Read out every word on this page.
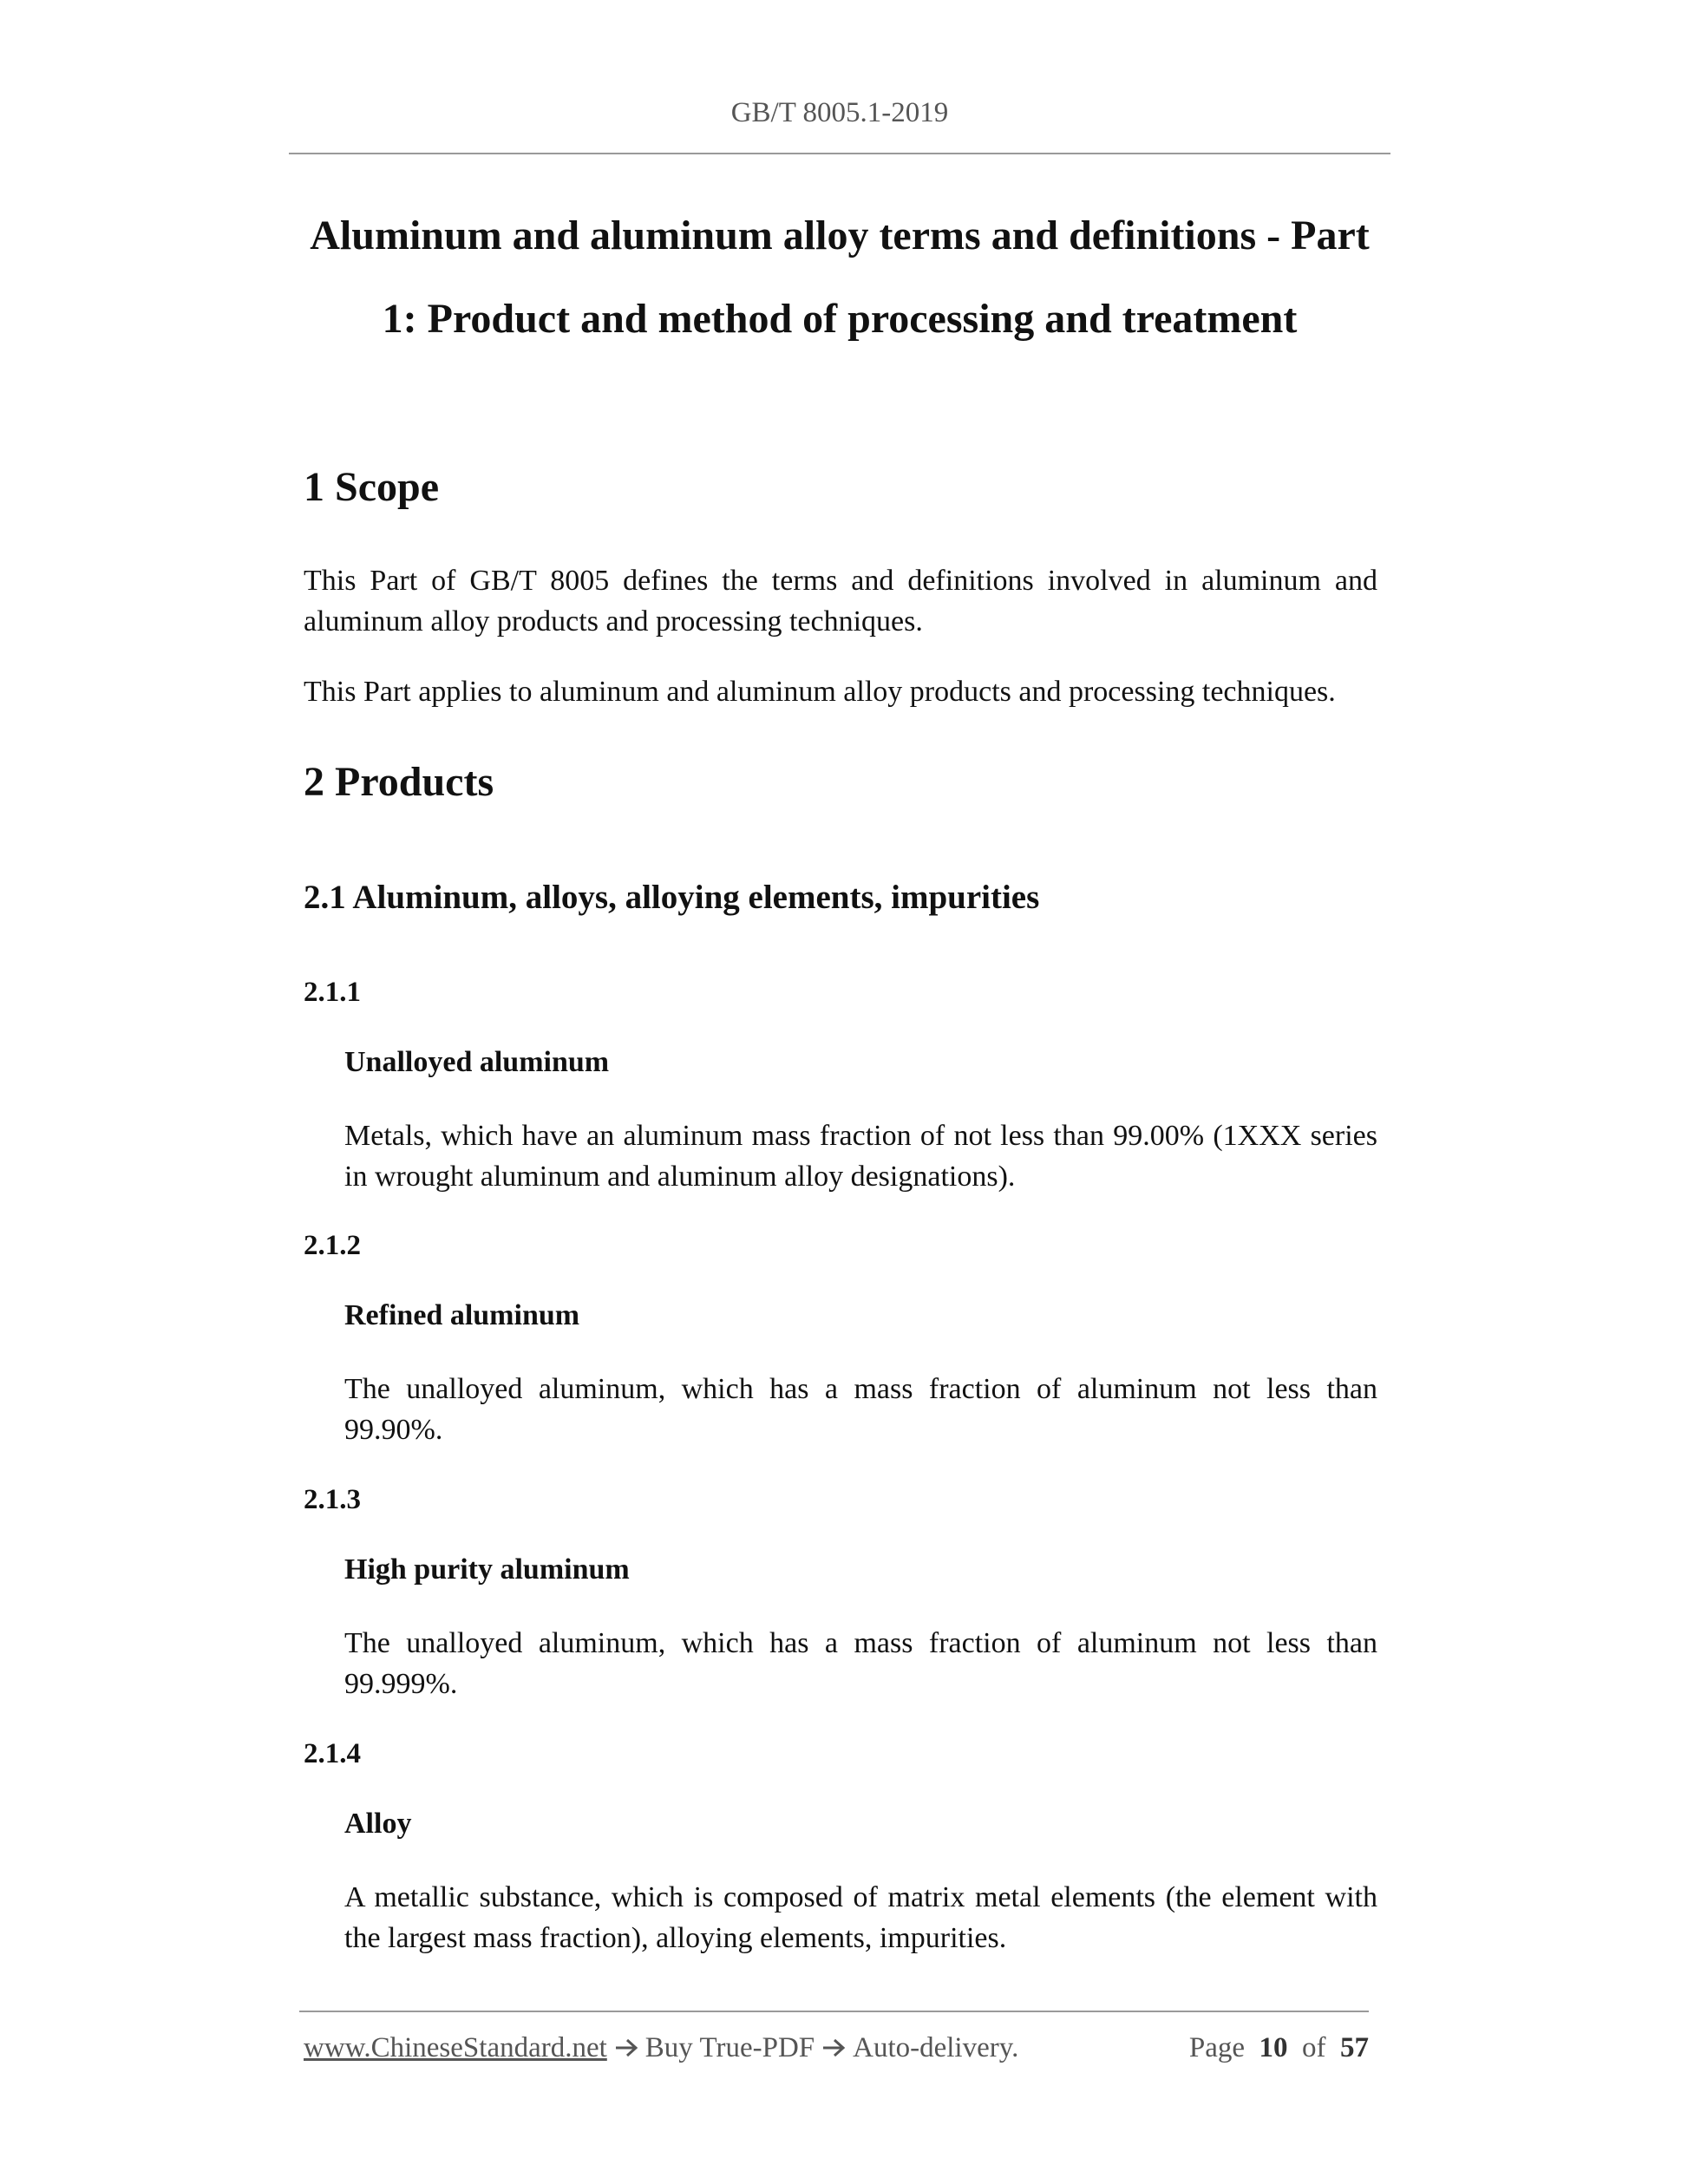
GB/T 8005.1-2019
Aluminum and aluminum alloy terms and definitions - Part
1: Product and method of processing and treatment
1 Scope

This Part of GB/T 8005 defines the terms and definitions involved in aluminum and aluminum alloy products and processing techniques.

This Part applies to aluminum and aluminum alloy products and processing techniques.

2 Products
2.1 Aluminum, alloys, alloying elements, impurities
2.1.1
Unalloyed aluminum

Metals, which have an aluminum mass fraction of not less than 99.00% (1XXX series in wrought aluminum and aluminum alloy designations).

2.1.2
Refined aluminum

The unalloyed aluminum, which has a mass fraction of aluminum not less than 99.90%.

2.1.3
High purity aluminum

The unalloyed aluminum, which has a mass fraction of aluminum not less than 99.999%.

2.1.4
Alloy

A metallic substance, which is composed of matrix metal elements (the element with the largest mass fraction), alloying elements, impurities.

www.ChineseStandard.net Buy True-PDF Auto-delivery.	Page 10 of 57
